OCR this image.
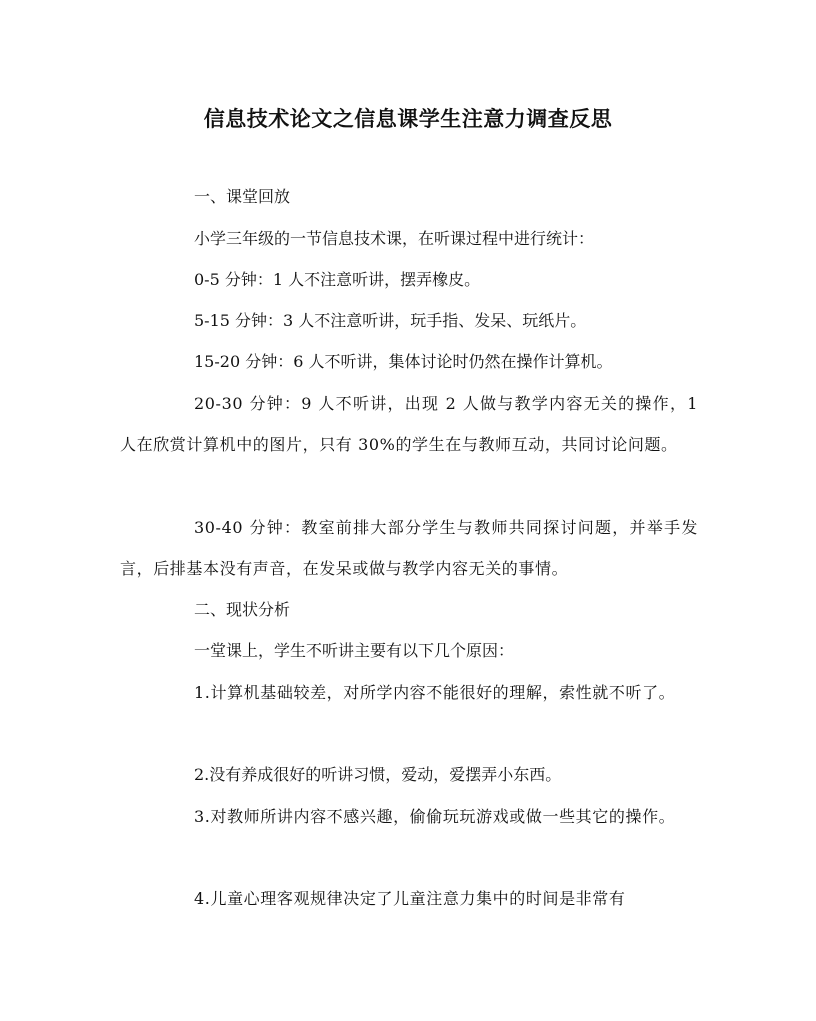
信息技术论文之信息课学生注意力调查反思

一、课堂回放

小学三年级的一节信息技术课，在听课过程中进行统计：

0-5 分钟：1 人不注意听讲，摆弄橡皮。

5-15 分钟：3 人不注意听讲，玩手指、发呆、玩纸片。

15-20 分钟：6 人不听讲，集体讨论时仍然在操作计算机。

20-30 分钟：9 人不听讲，出现 2 人做与教学内容无关的操作，1 人在欣赏计算机中的图片，只有 30%的学生在与教师互动，共同讨论问题。

30-40 分钟：教室前排大部分学生与教师共同探讨问题，并举手发言，后排基本没有声音，在发呆或做与教学内容无关的事情。

二、现状分析

一堂课上，学生不听讲主要有以下几个原因：

1.计算机基础较差，对所学内容不能很好的理解，索性就不听了。

2.没有养成很好的听讲习惯，爱动，爱摆弄小东西。

3.对教师所讲内容不感兴趣，偷偷玩玩游戏或做一些其它的操作。

4.儿童心理客观规律决定了儿童注意力集中的时间是非常有
